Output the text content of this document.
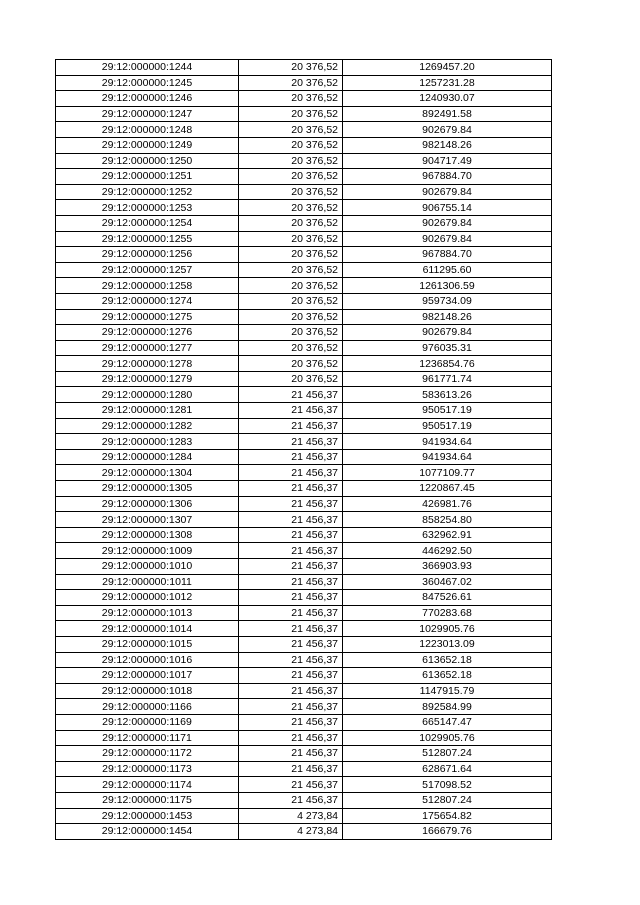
29:12:000000:1244	20 376,52	1269457.20
29:12:000000:1245	20 376,52	1257231.28
29:12:000000:1246	20 376,52	1240930.07
29:12:000000:1247	20 376,52	892491.58
29:12:000000:1248	20 376,52	902679.84
29:12:000000:1249	20 376,52	982148.26
29:12:000000:1250	20 376,52	904717.49
29:12:000000:1251	20 376,52	967884.70
29:12:000000:1252	20 376,52	902679.84
29:12:000000:1253	20 376,52	906755.14
29:12:000000:1254	20 376,52	902679.84
29:12:000000:1255	20 376,52	902679.84
29:12:000000:1256	20 376,52	967884.70
29:12:000000:1257	20 376,52	611295.60
29:12:000000:1258	20 376,52	1261306.59
29:12:000000:1274	20 376,52	959734.09
29:12:000000:1275	20 376,52	982148.26
29:12:000000:1276	20 376,52	902679.84
29:12:000000:1277	20 376,52	976035.31
29:12:000000:1278	20 376,52	1236854.76
29:12:000000:1279	20 376,52	961771.74
29:12:000000:1280	21 456,37	583613.26
29:12:000000:1281	21 456,37	950517.19
29:12:000000:1282	21 456,37	950517.19
29:12:000000:1283	21 456,37	941934.64
29:12:000000:1284	21 456,37	941934.64
29:12:000000:1304	21 456,37	1077109.77
29:12:000000:1305	21 456,37	1220867.45
29:12:000000:1306	21 456,37	426981.76
29:12:000000:1307	21 456,37	858254.80
29:12:000000:1308	21 456,37	632962.91
29:12:000000:1009	21 456,37	446292.50
29:12:000000:1010	21 456,37	366903.93
29:12:000000:1011	21 456,37	360467.02
29:12:000000:1012	21 456,37	847526.61
29:12:000000:1013	21 456,37	770283.68
29:12:000000:1014	21 456,37	1029905.76
29:12:000000:1015	21 456,37	1223013.09
29:12:000000:1016	21 456,37	613652.18
29:12:000000:1017	21 456,37	613652.18
29:12:000000:1018	21 456,37	1147915.79
29:12:000000:1166	21 456,37	892584.99
29:12:000000:1169	21 456,37	665147.47
29:12:000000:1171	21 456,37	1029905.76
29:12:000000:1172	21 456,37	512807.24
29:12:000000:1173	21 456,37	628671.64
29:12:000000:1174	21 456,37	517098.52
29:12:000000:1175	21 456,37	512807.24
29:12:000000:1453	4 273,84	175654.82
29:12:000000:1454	4 273,84	166679.76
